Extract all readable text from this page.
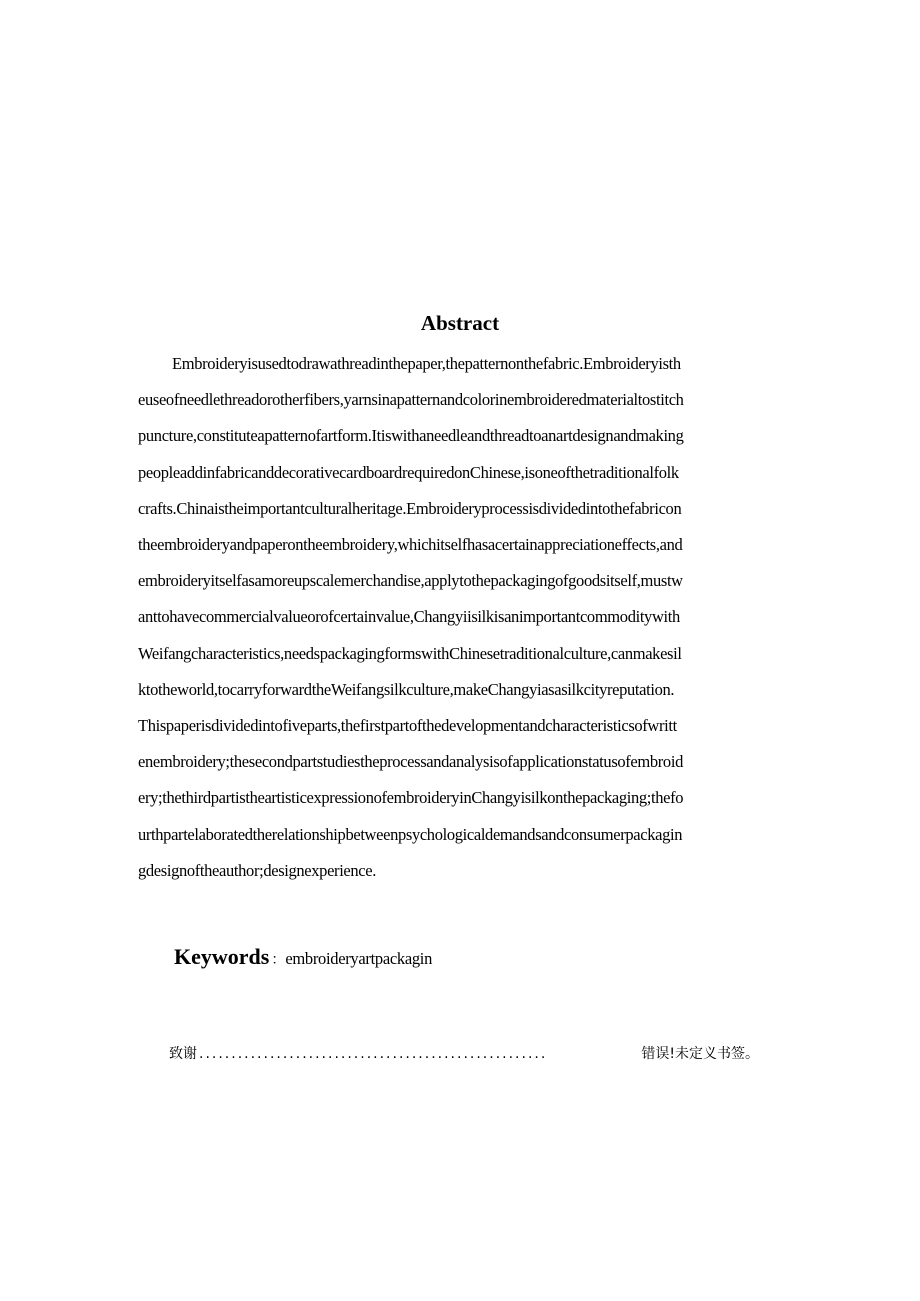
Abstract
Embroideryisusedtodrawathreadinthepaper,thepatternonthefabric.Embroideryisth
euseofneedlethreadorotherfibers,yarnsinapatternandcolorinembroideredmaterialtostitch
puncture,constituteapatternofartform.Itiswithaneedleandthreadtoanartdesignandmaking
peopleaddinfabricanddecorativecardboardrequiredonChinese,isoneofthetraditionalfolk
crafts.Chinaistheimportantculturalheritage.Embroideryprocessisdividedintothefabricon
theembroideryandpaperontheembroidery,whichitselfhasacertainappreciationeffects,and
embroideryitselfasamoreupscalemerchandise,applytothepackagingofgoodsitself,mustw
anttohavecommercialvalueorofcertainvalue,Changyiisilkisanimportantcommoditywith
Weifangcharacteristics,needspackagingformswithChinesetraditionalculture,canmakesil
ktotheworld,tocarryforwardtheWeifangsilkculture,makeChangyiasasilkcityreputation.
Thispaperisdividedintofiveparts,thefirstpartofthedevelopmentandcharacteristicsofwritt
enembroidery;thesecondpartstudiestheprocessandanalysisofapplicationstatusofembroid
ery;thethirdpartistheartisticexpressionofembroideryinChangyisilkonthepackaging;thefo
urthpartelaboratedtherelationshipbetweenpsychologicaldemandsandconsumerpackagin
gdesignoftheauthor;designexperience.
Keywords ：embroideryartpackagin
致谢 ......................................................	错误!未定义书签。
